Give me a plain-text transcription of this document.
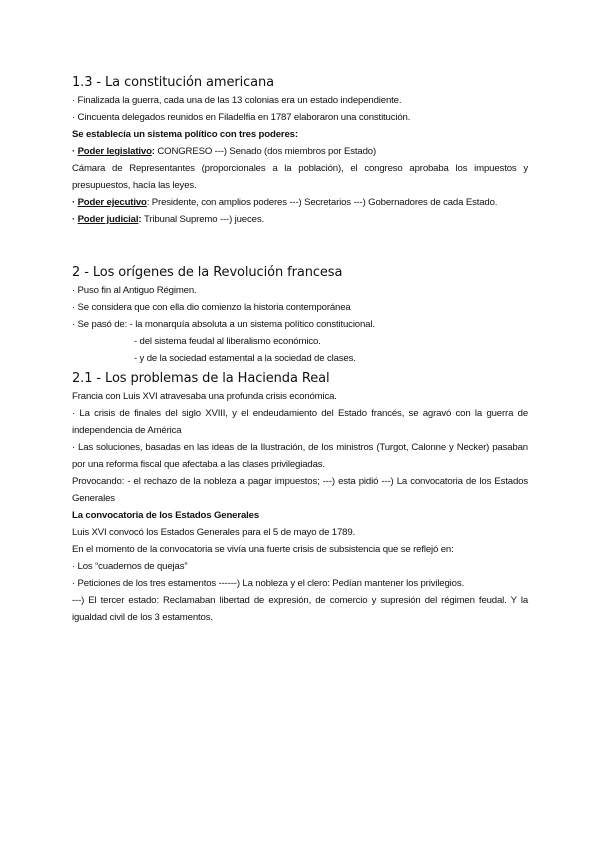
1.3 - La constitución americana
· Finalizada la guerra, cada una de las 13 colonias era un estado independiente.
· Cincuenta delegados reunidos en Filadelfia en 1787 elaboraron una constitución.
Se establecía un sistema político con tres poderes:
· Poder legislativo: CONGRESO ---) Senado (dos miembros por Estado)
Cámara de Representantes (proporcionales a la población), el congreso aprobaba los impuestos y presupuestos, hacía las leyes.
· Poder ejecutivo: Presidente, con amplios poderes ---) Secretarios ---) Gobernadores de cada Estado.
· Poder judicial: Tribunal Supremo ---) jueces.
2 - Los orígenes de la Revolución francesa
· Puso fin al Antiguo Régimen.
· Se considera que con ella dio comienzo la historia contemporánea
· Se pasó de: - la monarquía absoluta a un sistema político constitucional.
- del sistema feudal al liberalismo económico.
- y de la sociedad estamental a la sociedad de clases.
2.1 - Los problemas de la Hacienda Real
Francia con Luis XVI atravesaba una profunda crisis económica.
· La crisis de finales del siglo XVIII, y el endeudamiento del Estado francés, se agravó con la guerra de independencia de América
· Las soluciones, basadas en las ideas de la Ilustración, de los ministros (Turgot, Calonne y Necker) pasaban por una reforma fiscal que afectaba a las clases privilegiadas.
Provocando: - el rechazo de la nobleza a pagar impuestos; ---) esta pidió ---) La convocatoria de los Estados Generales
La convocatoria de los Estados Generales
Luis XVI convocó los Estados Generales para el 5 de mayo de 1789.
En el momento de la convocatoria se vivía una fuerte crisis de subsistencia que se reflejó en:
· Los “cuadernos de quejas”
· Peticiones de los tres estamentos ------) La nobleza y el clero: Pedían mantener los privilegios.
---) El tercer estado: Reclamaban libertad de expresión, de comercio y supresión del régimen feudal. Y la igualdad civil de los 3 estamentos.
